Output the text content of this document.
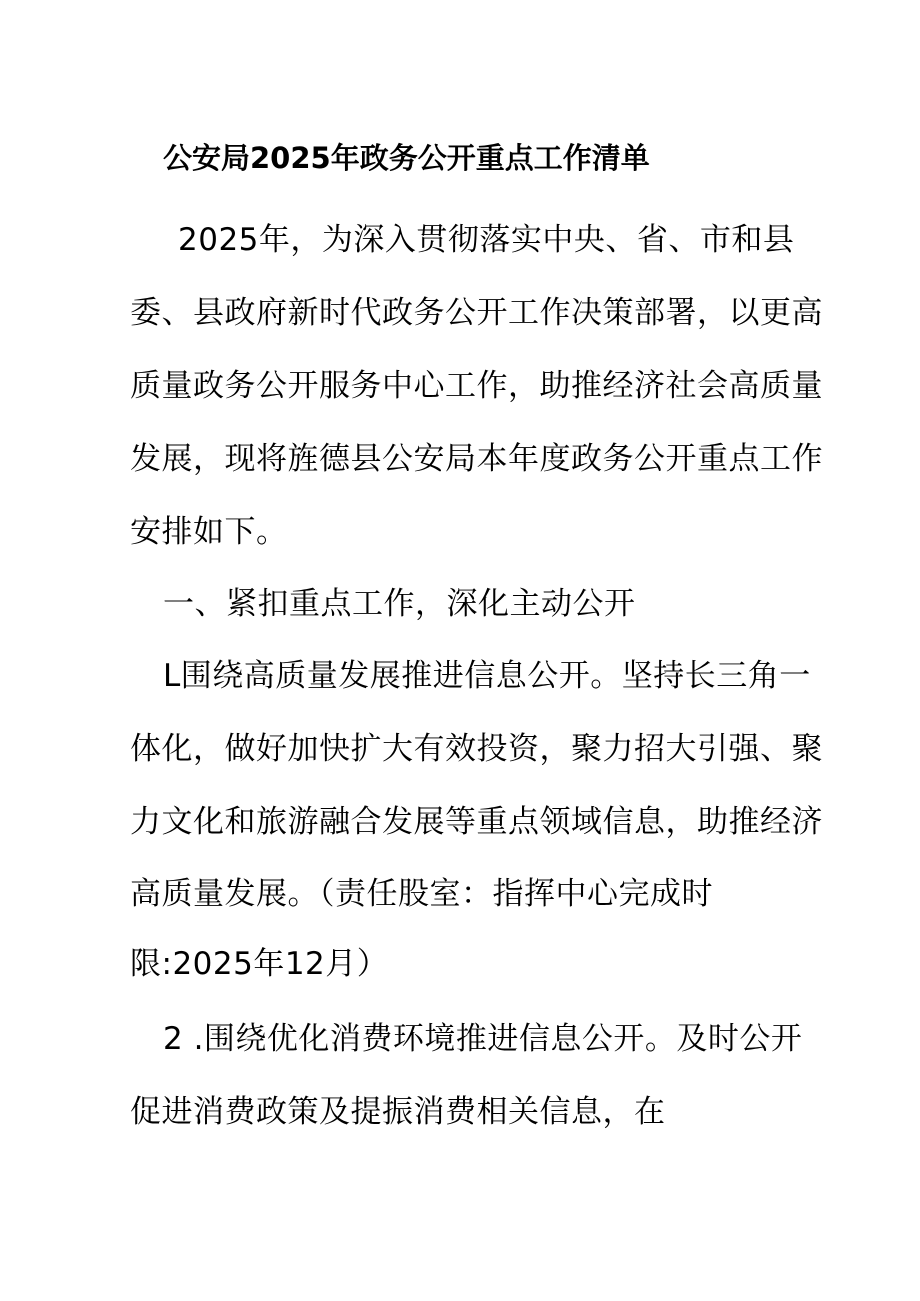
公安局2025年政务公开重点工作清单
2025年，为深入贯彻落实中央、省、市和县
委、县政府新时代政务公开工作决策部署，以更高
质量政务公开服务中心工作，助推经济社会高质量
发展，现将旌德县公安局本年度政务公开重点工作
安排如下。
一、紧扣重点工作，深化主动公开
L围绕高质量发展推进信息公开。坚持长三角一
体化，做好加快扩大有效投资，聚力招大引强、聚
力文化和旅游融合发展等重点领域信息，助推经济
高质量发展。（责任股室：指挥中心完成时
限:2025年12月）
2 .围绕优化消费环境推进信息公开。及时公开
促进消费政策及提振消费相关信息，在
